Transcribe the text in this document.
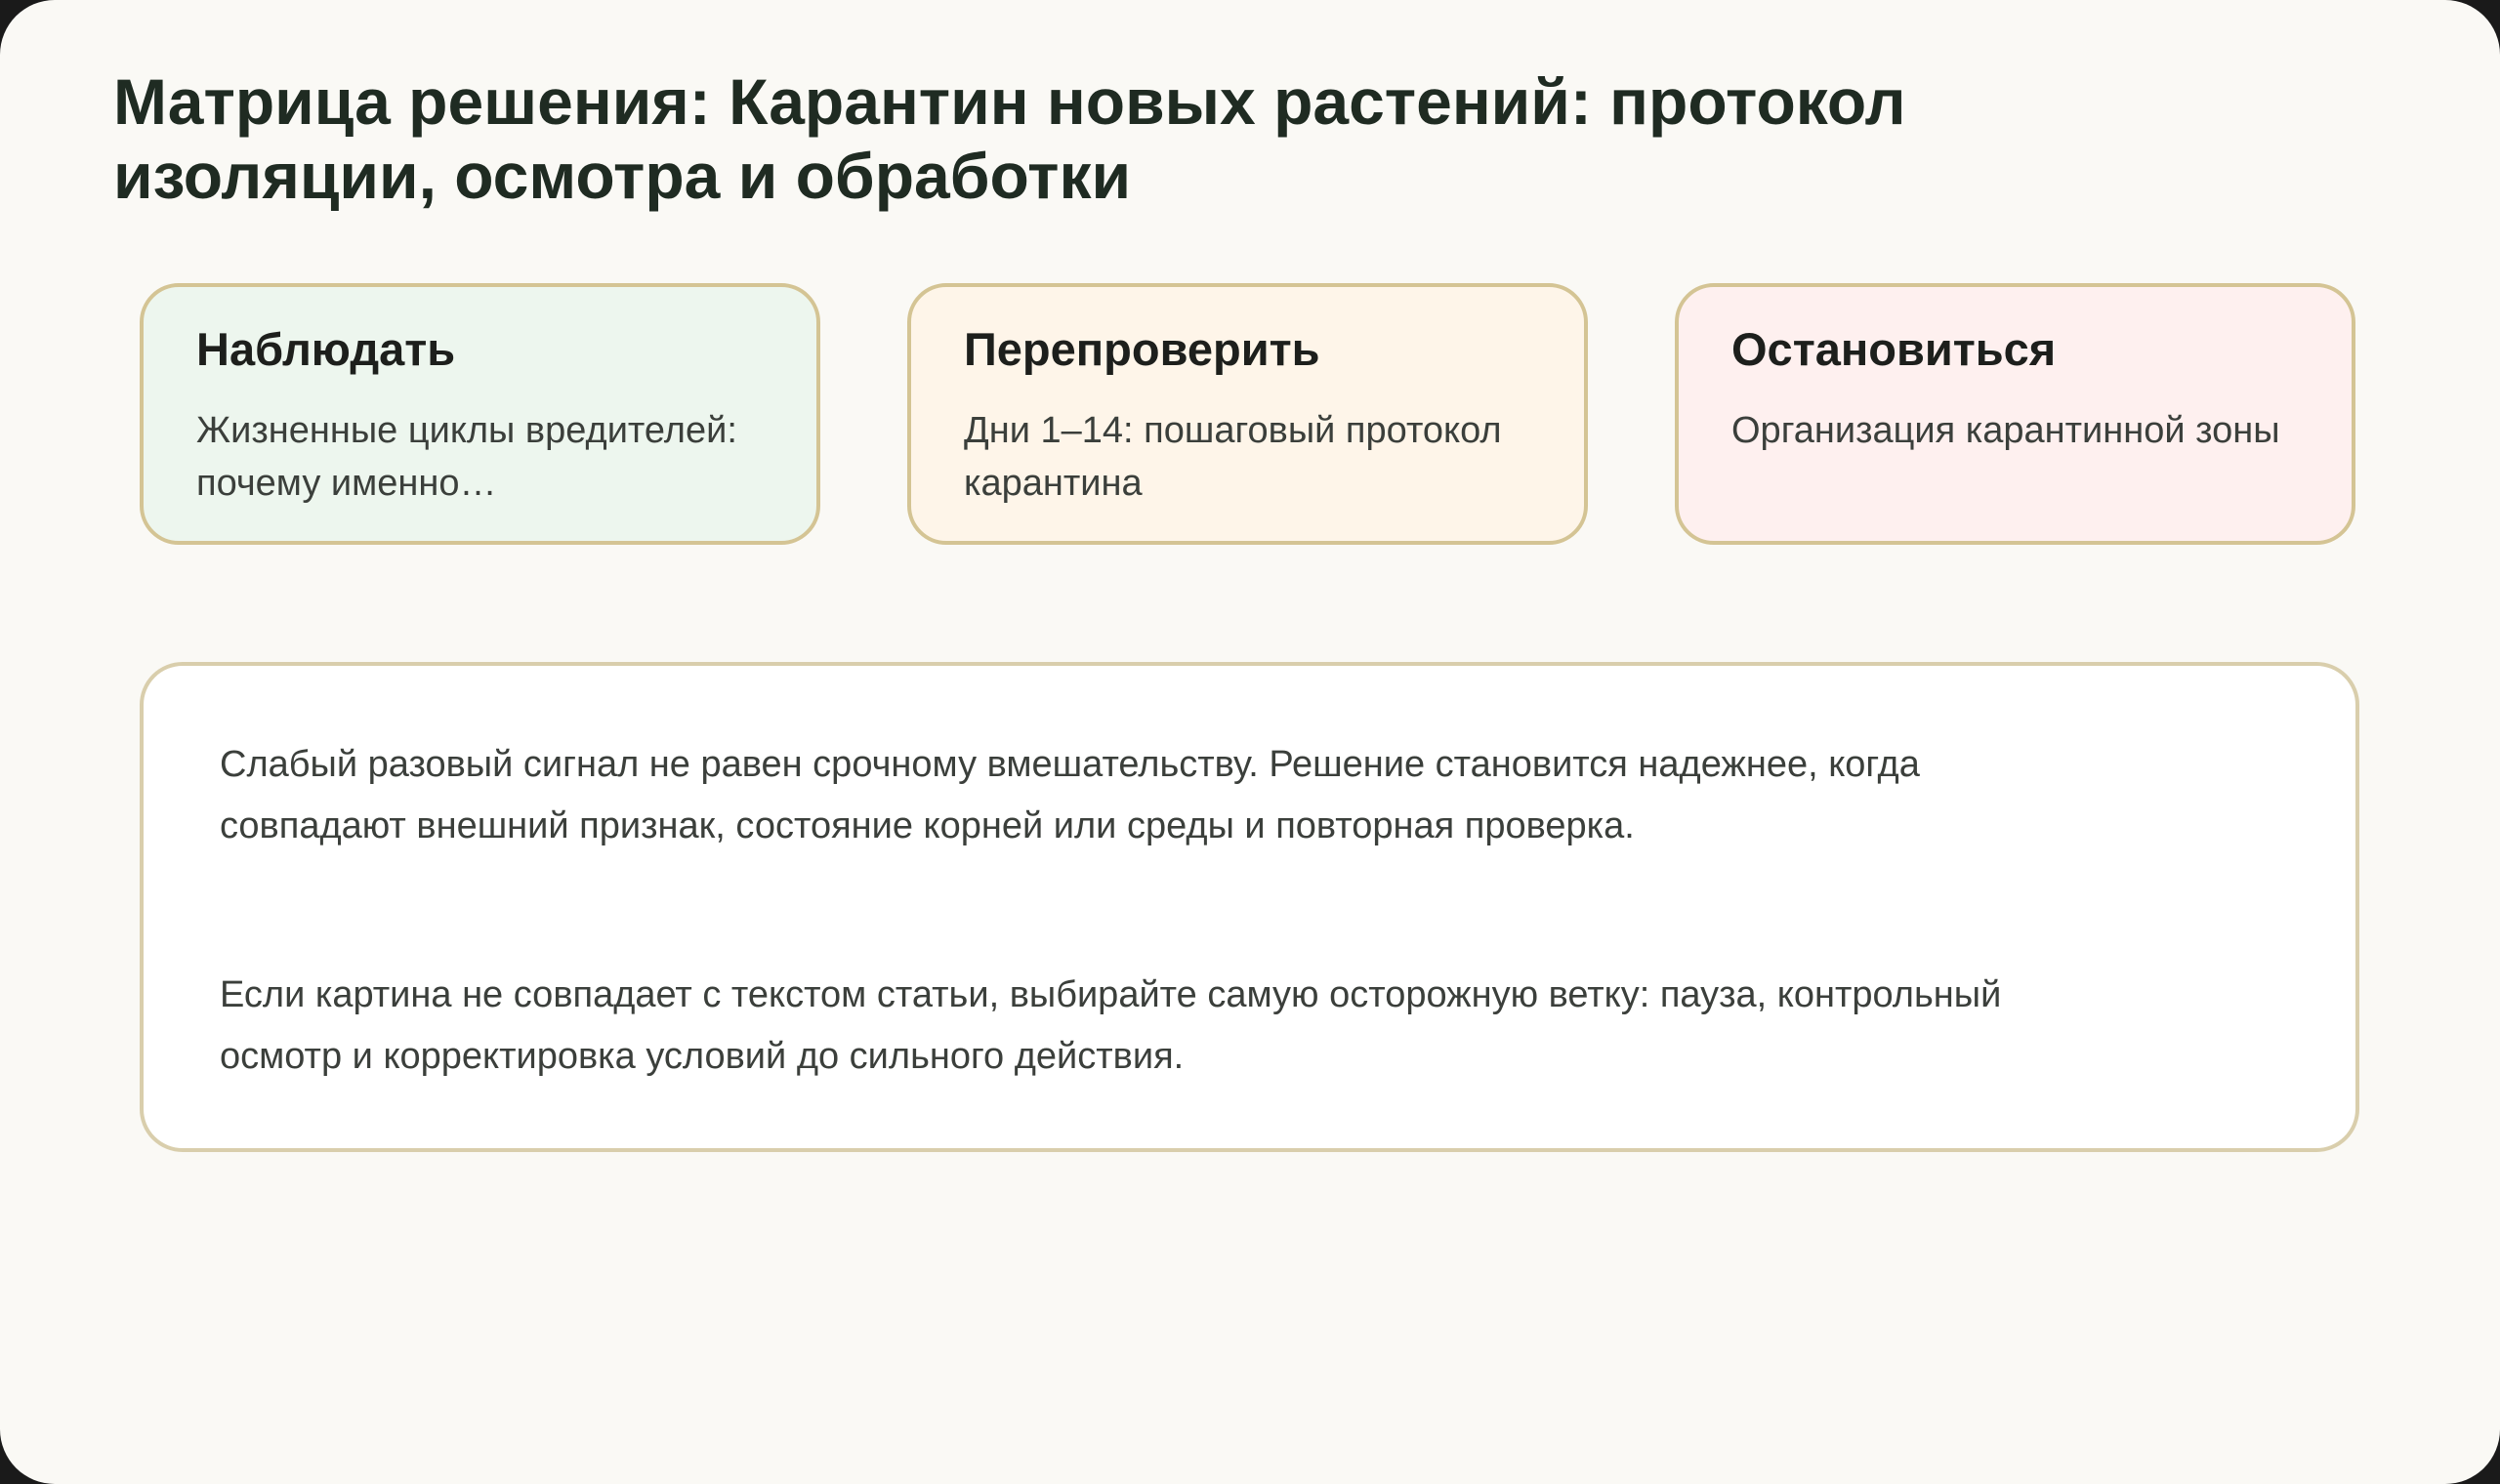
Матрица решения: Карантин новых растений: протокол изоляции, осмотра и обработки
Наблюдать
Жизненные циклы вредителей: почему именно…
Перепроверить
Дни 1–14: пошаговый протокол карантина
Остановиться
Организация карантинной зоны

Слабый разовый сигнал не равен срочному вмешательству. Решение становится надежнее, когда совпадают внешний признак, состояние корней или среды и повторная проверка.

Если картина не совпадает с текстом статьи, выбирайте самую осторожную ветку: пауза, контрольный осмотр и корректировка условий до сильного действия.
